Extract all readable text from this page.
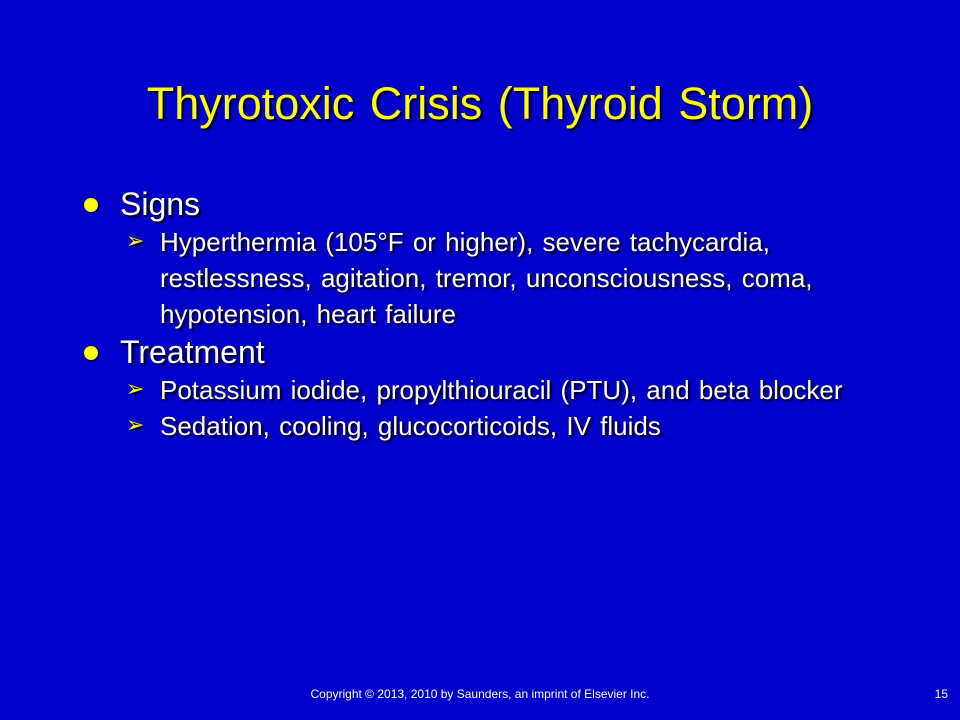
Thyrotoxic Crisis (Thyroid Storm)
Signs
➢ Hyperthermia (105°F or higher), severe tachycardia, restlessness, agitation, tremor, unconsciousness, coma, hypotension, heart failure
Treatment
➢ Potassium iodide, propylthiouracil (PTU), and beta blocker
➢ Sedation, cooling, glucocorticoids, IV fluids
Copyright © 2013, 2010 by Saunders, an imprint of Elsevier Inc.	15
